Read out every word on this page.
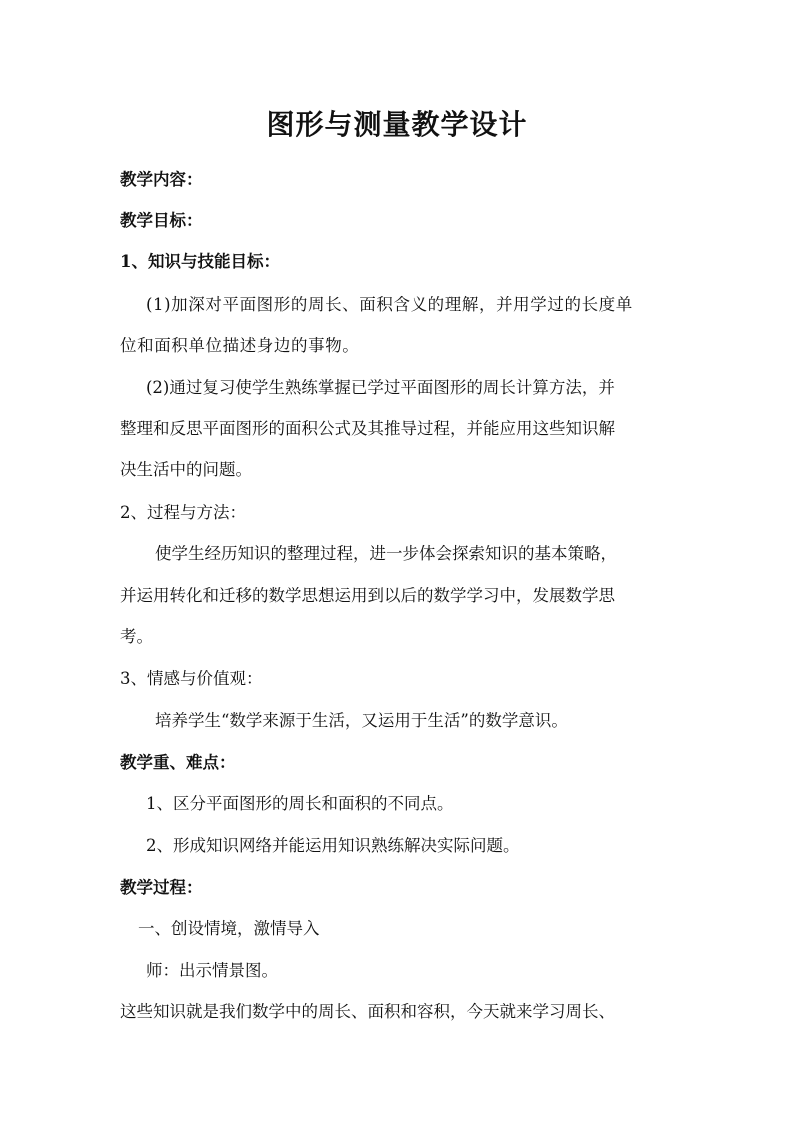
图形与测量教学设计
教学内容：
教学目标：
1、知识与技能目标：
(1)加深对平面图形的周长、面积含义的理解，并用学过的长度单
位和面积单位描述身边的事物。
(2)通过复习使学生熟练掌握已学过平面图形的周长计算方法，并
整理和反思平面图形的面积公式及其推导过程，并能应用这些知识解
决生活中的问题。
2、过程与方法：
使学生经历知识的整理过程，进一步体会探索知识的基本策略，
并运用转化和迁移的数学思想运用到以后的数学学习中，发展数学思
考。
3、情感与价值观：
培养学生“数学来源于生活，又运用于生活”的数学意识。
教学重、难点：
1、区分平面图形的周长和面积的不同点。
2、形成知识网络并能运用知识熟练解决实际问题。
教学过程：
一、创设情境，激情导入
师：出示情景图。
这些知识就是我们数学中的周长、面积和容积，今天就来学习周长、
